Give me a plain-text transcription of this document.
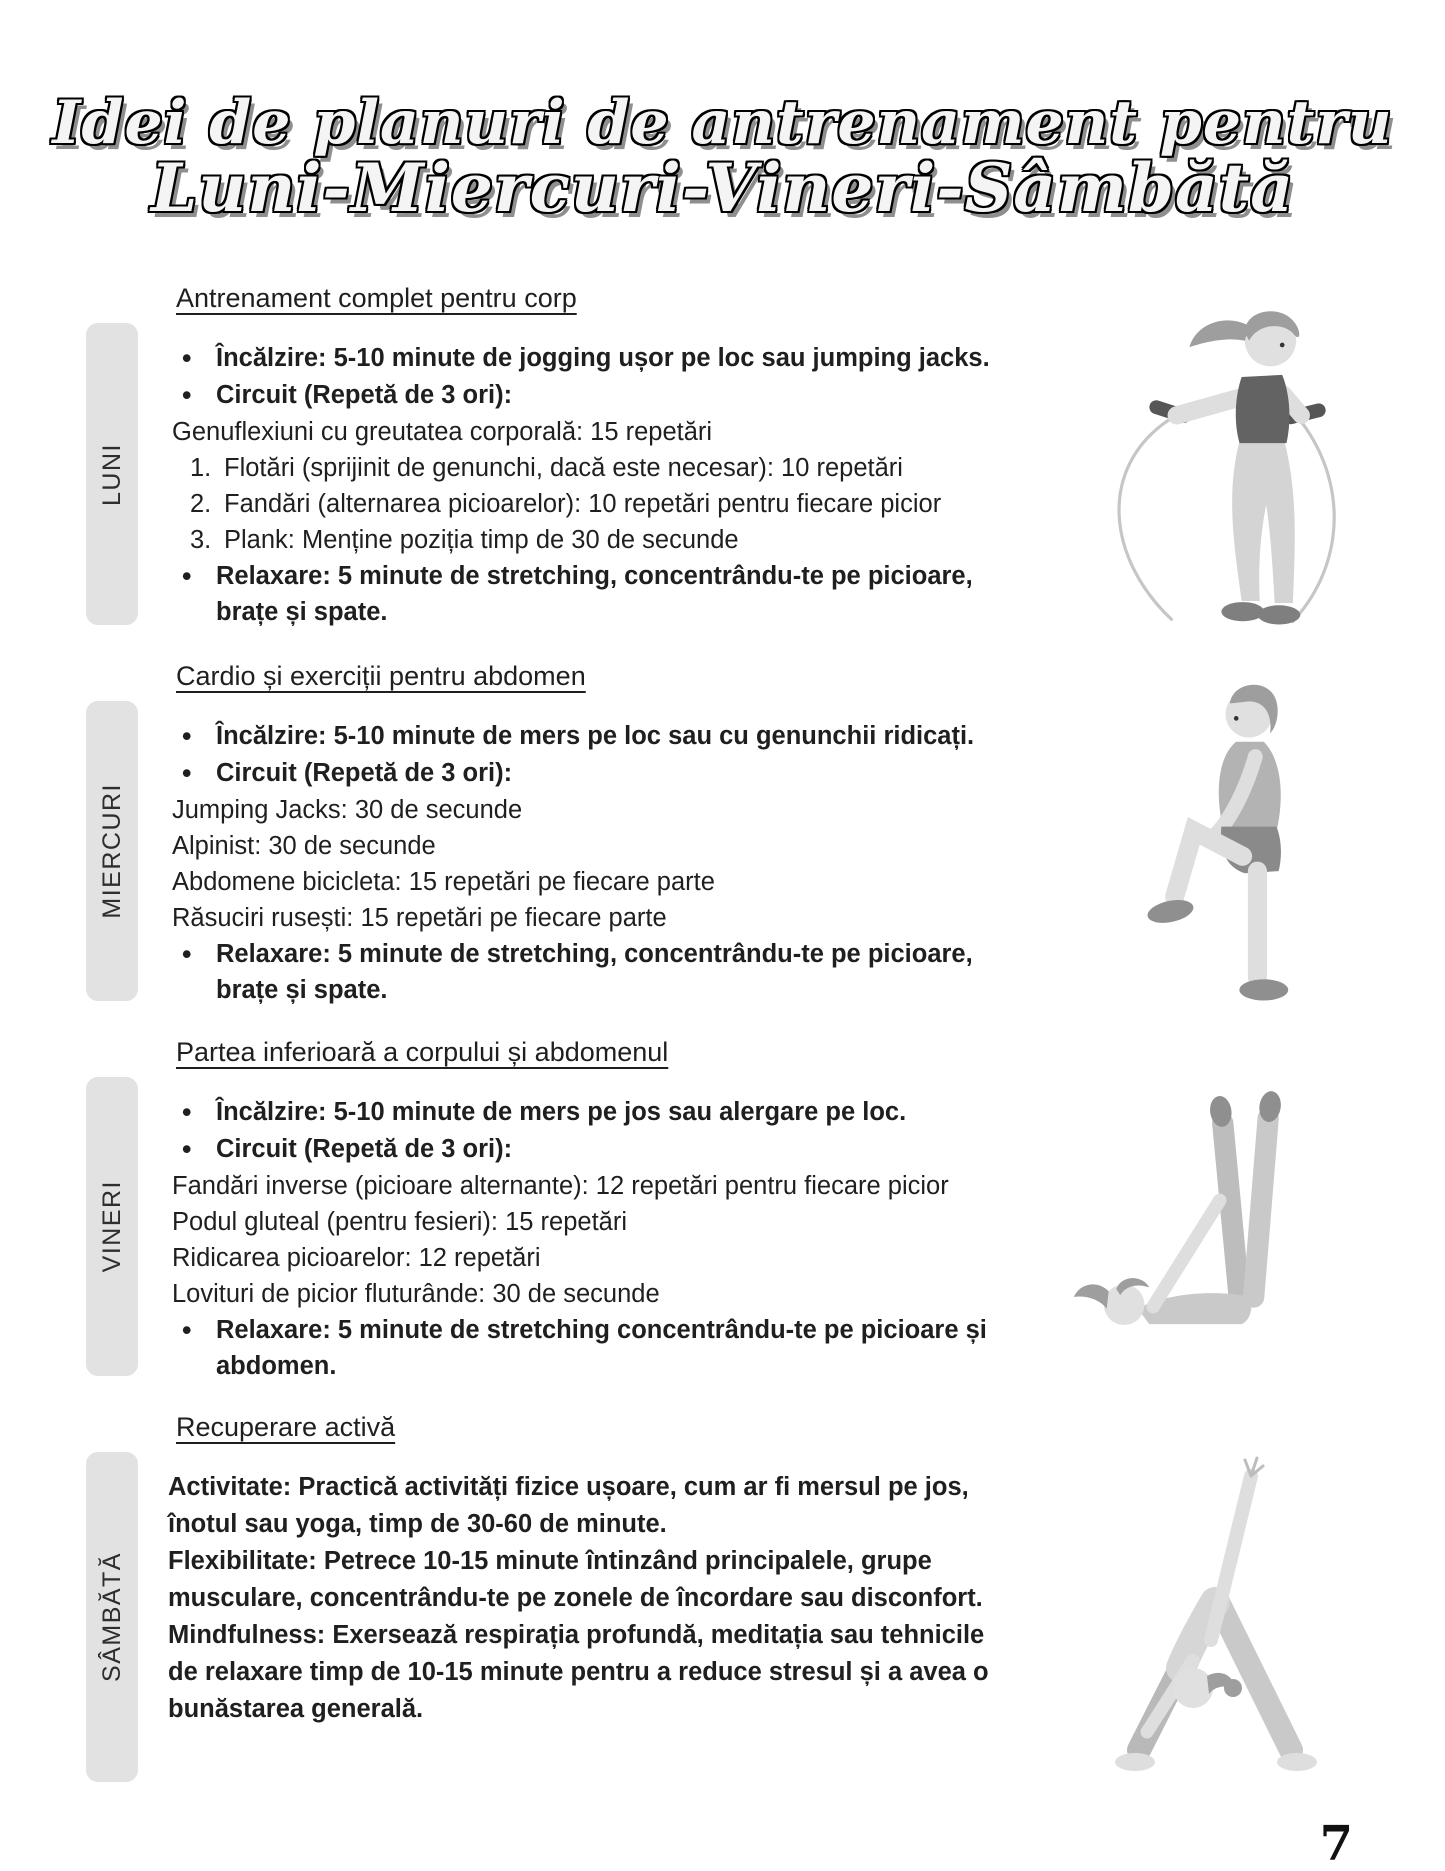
Idei de planuri de antrenament pentru
Luni-Miercuri-Vineri-Sâmbătă
LUNI
Antrenament complet pentru corp
•
Încălzire: 5-10 minute de jogging ușor pe loc sau jumping jacks.
•
Circuit (Repetă de 3 ori):
Genuflexiuni cu greutatea corporală: 15 repetări
1. Flotări (sprijinit de genunchi, dacă este necesar): 10 repetări
2. Fandări (alternarea picioarelor): 10 repetări pentru fiecare picior
3. Plank: Menține poziția timp de 30 de secunde
•
Relaxare: 5 minute de stretching, concentrându-te pe picioare, brațe și spate.
MIERCURI
Cardio și exerciții pentru abdomen
•
Încălzire: 5-10 minute de mers pe loc sau cu genunchii ridicați.
•
Circuit (Repetă de 3 ori):
Jumping Jacks: 30 de secunde
Alpinist: 30 de secunde
Abdomene bicicleta: 15 repetări pe fiecare parte
Răsuciri rusești: 15 repetări pe fiecare parte
•
Relaxare: 5 minute de stretching, concentrându-te pe picioare, brațe și spate.
VINERI
Partea inferioară a corpului și abdomenul
•
Încălzire: 5-10 minute de mers pe jos sau alergare pe loc.
•
Circuit (Repetă de 3 ori):
Fandări inverse (picioare alternante): 12 repetări pentru fiecare picior
Podul gluteal (pentru fesieri): 15 repetări
Ridicarea picioarelor: 12 repetări
Lovituri de picior fluturânde: 30 de secunde
•
Relaxare: 5 minute de stretching concentrându-te pe picioare și abdomen.
SÂMBĂTĂ
Recuperare activă
Activitate: Practică activități fizice ușoare, cum ar fi mersul pe jos, înotul sau yoga, timp de 30-60 de minute.
Flexibilitate: Petrece 10-15 minute întinzând principalele, grupe musculare, concentrându-te pe zonele de încordare sau disconfort.
Mindfulness: Exersează respirația profundă, meditația sau tehnicile de relaxare timp de 10-15 minute pentru a reduce stresul și a avea o bunăstarea generală.
7
